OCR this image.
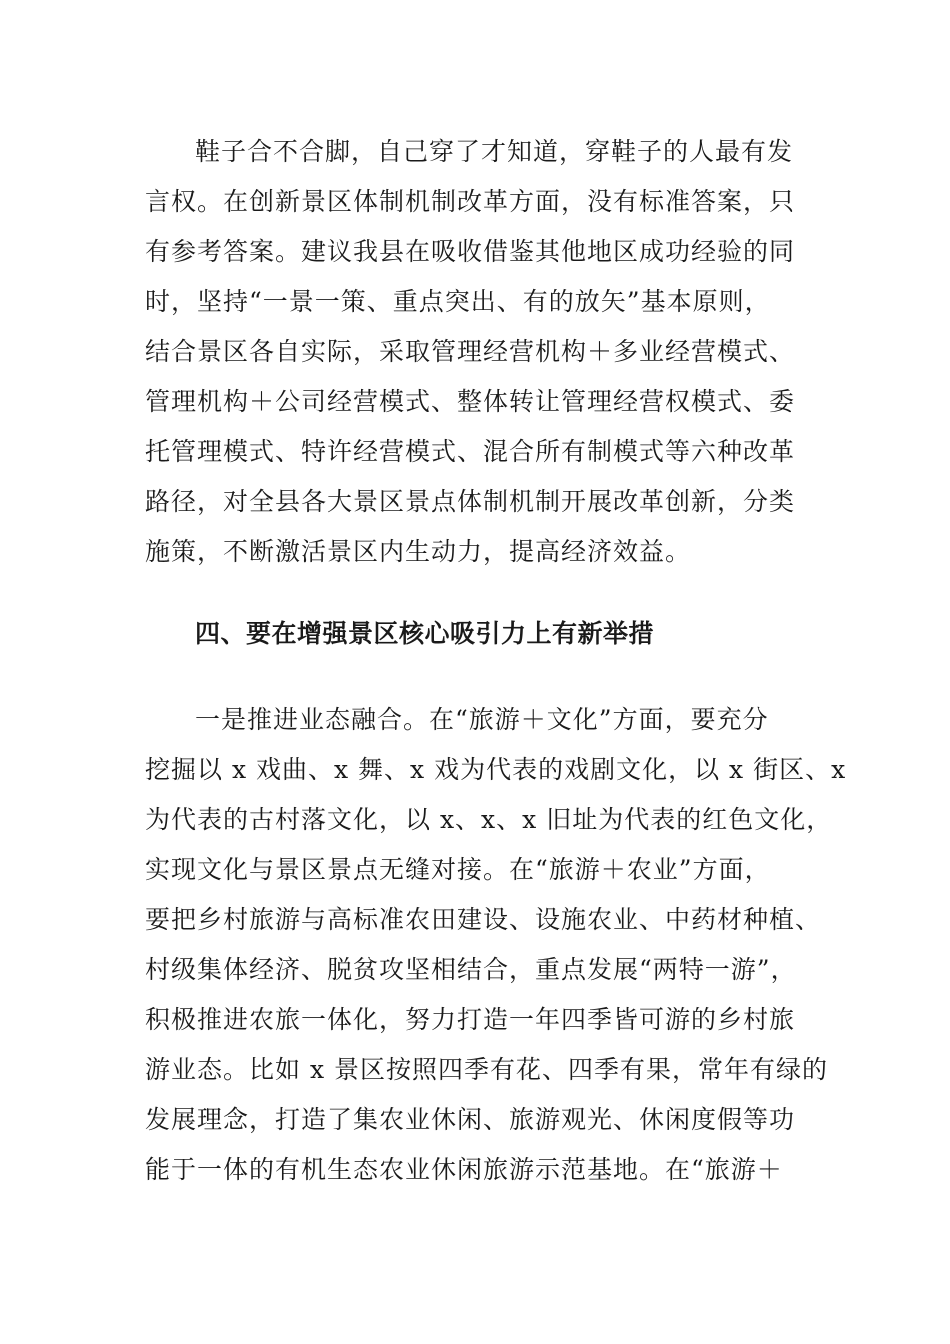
鞋子合不合脚，自己穿了才知道，穿鞋子的人最有发
言权。在创新景区体制机制改革方面，没有标准答案，只
有参考答案。建议我县在吸收借鉴其他地区成功经验的同
时，坚持“一景一策、重点突出、有的放矢”基本原则，
结合景区各自实际，采取管理经营机构＋多业经营模式、
管理机构＋公司经营模式、整体转让管理经营权模式、委
托管理模式、特许经营模式、混合所有制模式等六种改革
路径，对全县各大景区景点体制机制开展改革创新，分类
施策，不断激活景区内生动力，提高经济效益。
四、要在增强景区核心吸引力上有新举措
一是推进业态融合。在“旅游＋文化”方面，要充分
挖掘以 x 戏曲、x 舞、x 戏为代表的戏剧文化，以 x 街区、x
为代表的古村落文化，以 x、x、x 旧址为代表的红色文化，
实现文化与景区景点无缝对接。在“旅游＋农业”方面，
要把乡村旅游与高标准农田建设、设施农业、中药材种植、
村级集体经济、脱贫攻坚相结合，重点发展“两特一游”，
积极推进农旅一体化，努力打造一年四季皆可游的乡村旅
游业态。比如 x 景区按照四季有花、四季有果，常年有绿的
发展理念，打造了集农业休闲、旅游观光、休闲度假等功
能于一体的有机生态农业休闲旅游示范基地。在“旅游＋
